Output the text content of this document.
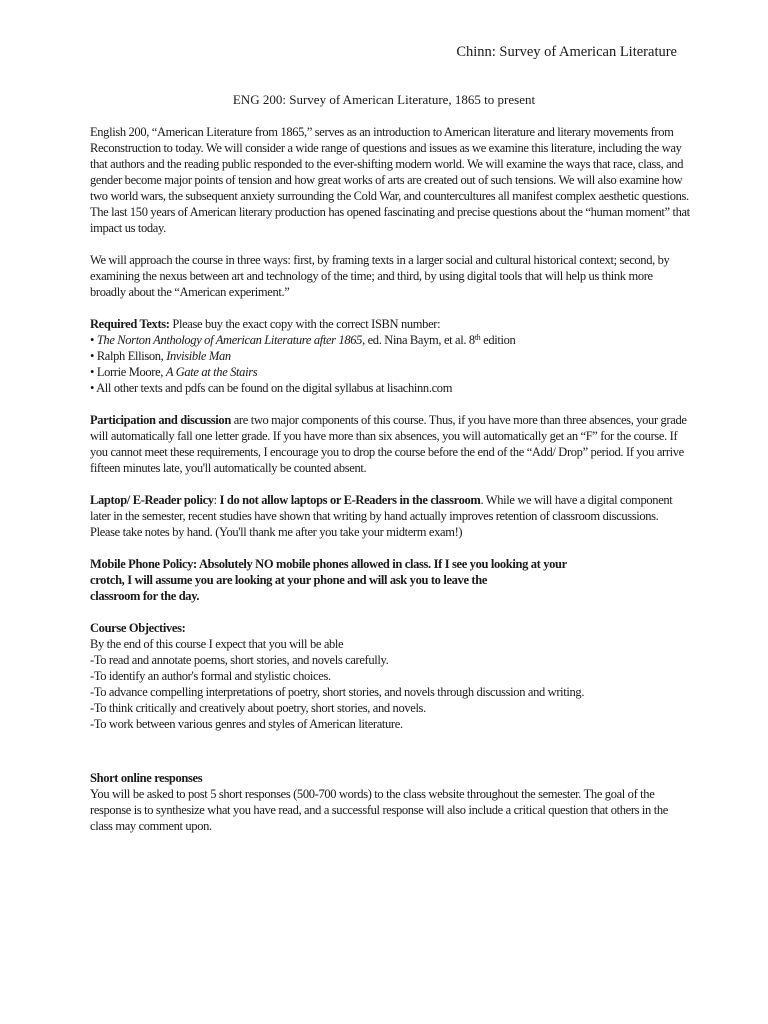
Chinn: Survey of American Literature
ENG 200: Survey of American Literature, 1865 to present

English 200, “American Literature from 1865,” serves as an introduction to American literature and literary movements from Reconstruction to today. We will consider a wide range of questions and issues as we examine this literature, including the way that authors and the reading public responded to the ever-shifting modern world. We will examine the ways that race, class, and gender become major points of tension and how great works of arts are created out of such tensions. We will also examine how two world wars, the subsequent anxiety surrounding the Cold War, and countercultures all manifest complex aesthetic questions. The last 150 years of American literary production has opened fascinating and precise questions about the “human moment” that impact us today.

We will approach the course in three ways: first, by framing texts in a larger social and cultural historical context; second, by examining the nexus between art and technology of the time; and third, by using digital tools that will help us think more broadly about the “American experiment.”

Required Texts: Please buy the exact copy with the correct ISBN number:
• The Norton Anthology of American Literature after 1865, ed. Nina Baym, et al. 8th edition
• Ralph Ellison, Invisible Man
• Lorrie Moore, A Gate at the Stairs
• All other texts and pdfs can be found on the digital syllabus at lisachinn.com

Participation and discussion are two major components of this course. Thus, if you have more than three absences, your grade will automatically fall one letter grade. If you have more than six absences, you will automatically get an “F” for the course. If you cannot meet these requirements, I encourage you to drop the course before the end of the “Add/ Drop” period. If you arrive fifteen minutes late, you'll automatically be counted absent.

Laptop/ E-Reader policy: I do not allow laptops or E-Readers in the classroom. While we will have a digital component later in the semester, recent studies have shown that writing by hand actually improves retention of classroom discussions. Please take notes by hand. (You'll thank me after you take your midterm exam!)

Mobile Phone Policy: Absolutely NO mobile phones allowed in class. If I see you looking at your
crotch, I will assume you are looking at your phone and will ask you to leave the
classroom for the day.
Course Objectives:
By the end of this course I expect that you will be able
-To read and annotate poems, short stories, and novels carefully.
-To identify an author's formal and stylistic choices.
-To advance compelling interpretations of poetry, short stories, and novels through discussion and writing.
-To think critically and creatively about poetry, short stories, and novels.
-To work between various genres and styles of American literature.
Short online responses

You will be asked to post 5 short responses (500-700 words) to the class website throughout the semester. The goal of the response is to synthesize what you have read, and a successful response will also include a critical question that others in the class may comment upon.
